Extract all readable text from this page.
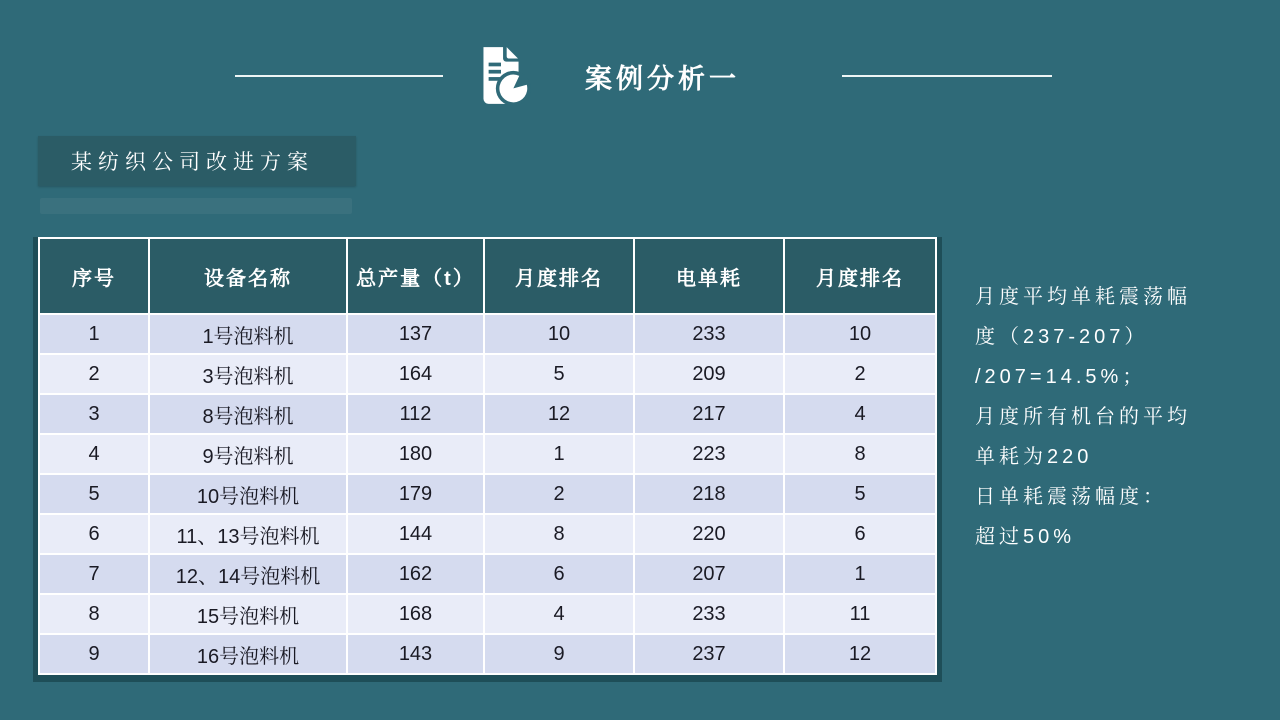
案例分析一
某纺织公司改进方案
序号	设备名称	总产量（t）	月度排名	电单耗	月度排名
1	1号泡料机	137	10	233	10
2	3号泡料机	164	5	209	2
3	8号泡料机	112	12	217	4
4	9号泡料机	180	1	223	8
5	10号泡料机	179	2	218	5
6	11、13号泡料机	144	8	220	6
7	12、14号泡料机	162	6	207	1
8	15号泡料机	168	4	233	11
9	16号泡料机	143	9	237	12
月度平均单耗震荡幅
度（237-207）
/207=14.5%；
月度所有机台的平均
单耗为220
日单耗震荡幅度：
超过50%
